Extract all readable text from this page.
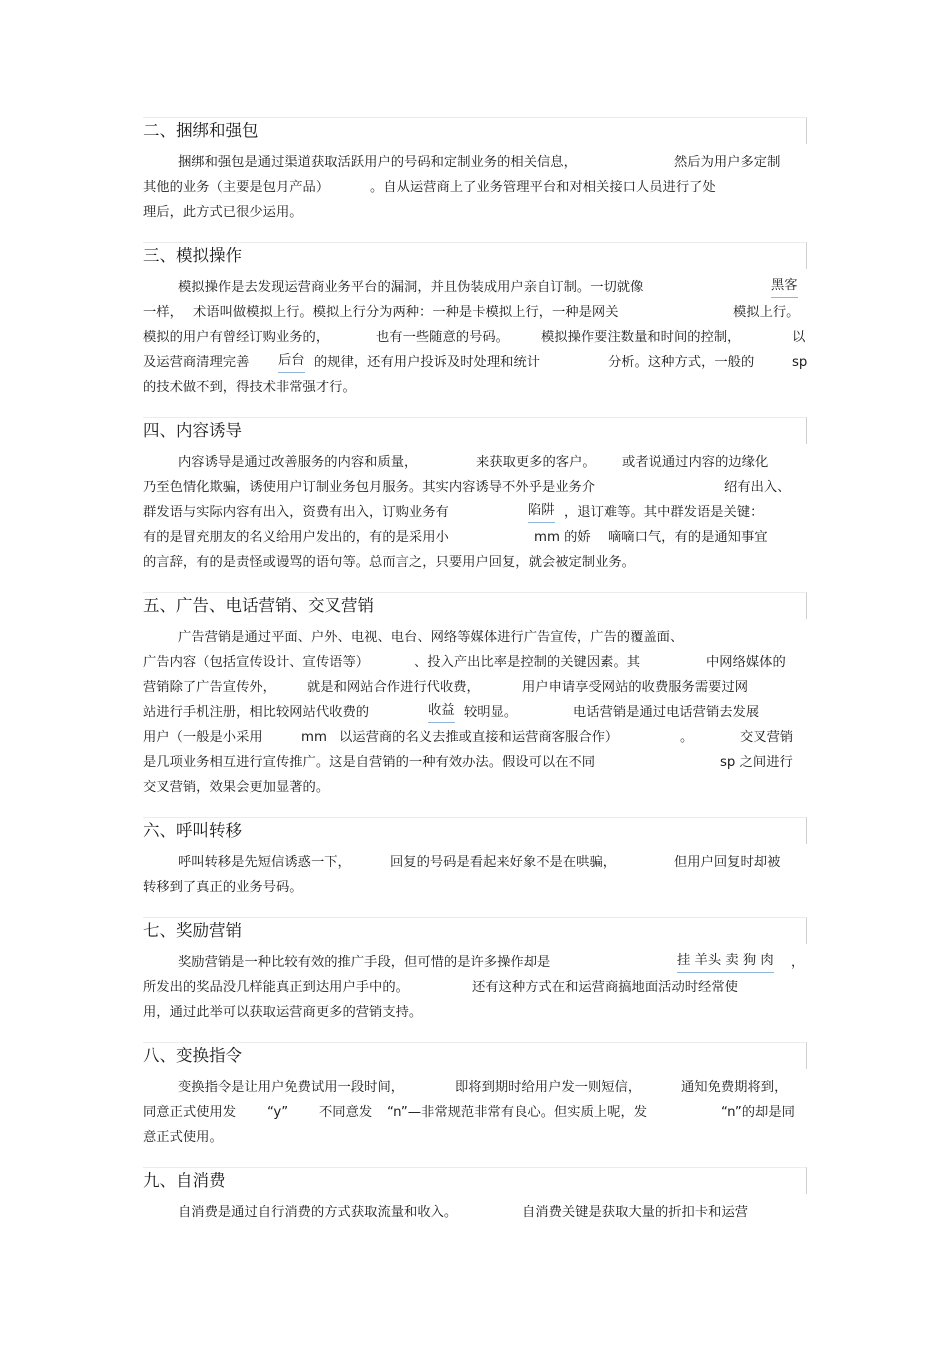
二、捆绑和强包
捆绑和强包是通过渠道获取活跃用户的号码和定制业务的相关信息，	然后为用户多定制
其他的业务（主要是包月产品）	。自从运营商上了业务管理平台和对相关接口人员进行了处
理后，此方式已很少运用。
三、模拟操作
模拟操作是去发现运营商业务平台的漏洞，并且伪装成用户亲自订制。一切就像	黑客
一样， 术语叫做模拟上行。模拟上行分为两种：一种是卡模拟上行，一种是网关	模拟上行。
模拟的用户有曾经订购业务的，	也有一些随意的号码。 模拟操作要注数量和时间的控制，	以
及运营商清理完善 后台 的规律，还有用户投诉及时处理和统计	分析。这种方式，一般的	sp
的技术做不到，得技术非常强才行。
四、内容诱导
内容诱导是通过改善服务的内容和质量，	来获取更多的客户。 或者说通过内容的边缘化
乃至色情化欺骗，诱使用户订制业务包月服务。其实内容诱导不外乎是业务介	绍有出入、
群发语与实际内容有出入，资费有出入，订购业务有	陷阱 ，退订难等。其中群发语是关键：
有的是冒充朋友的名义给用户发出的，有的是采用小	mm 的娇 嘀嘀口气，有的是通知事宜
的言辞，有的是责怪或谩骂的语句等。总而言之，只要用户回复，就会被定制业务。
五、广告、电话营销、交叉营销
广告营销是通过平面、户外、电视、电台、网络等媒体进行广告宣传，广告的覆盖面、
广告内容（包括宣传设计、宣传语等）	、投入产出比率是控制的关键因素。其	中网络媒体的
营销除了广告宣传外， 就是和网站合作进行代收费，	用户申请享受网站的收费服务需要过网
站进行手机注册，相比较网站代收费的	收益 较明显。	电话营销是通过电话营销去发展
用户（一般是小采用	mm 以运营商的名义去推或直接和运营商客服合作）	。	交叉营销
是几项业务相互进行宣传推广。这是自营销的一种有效办法。假设可以在不同	sp 之间进行
交叉营销，效果会更加显著的。
六、呼叫转移
呼叫转移是先短信诱惑一下，	回复的号码是看起来好象不是在哄骗，	但用户回复时却被
转移到了真正的业务号码。
七、奖励营销
奖励营销是一种比较有效的推广手段，但可惜的是许多操作却是	挂 羊头 卖 狗 肉 ，
所发出的奖品没几样能真正到达用户手中的。	还有这种方式在和运营商搞地面活动时经常使
用，通过此举可以获取运营商更多的营销支持。
八、变换指令
变换指令是让用户免费试用一段时间，	即将到期时给用户发一则短信，	通知免费期将到，
同意正式使用发 “y” 不同意发 “n”—非常规范非常有良心。但实质上呢，发	“n”的却是同
意正式使用。
九、自消费
自消费是通过自行消费的方式获取流量和收入。	自消费关键是获取大量的折扣卡和运营
